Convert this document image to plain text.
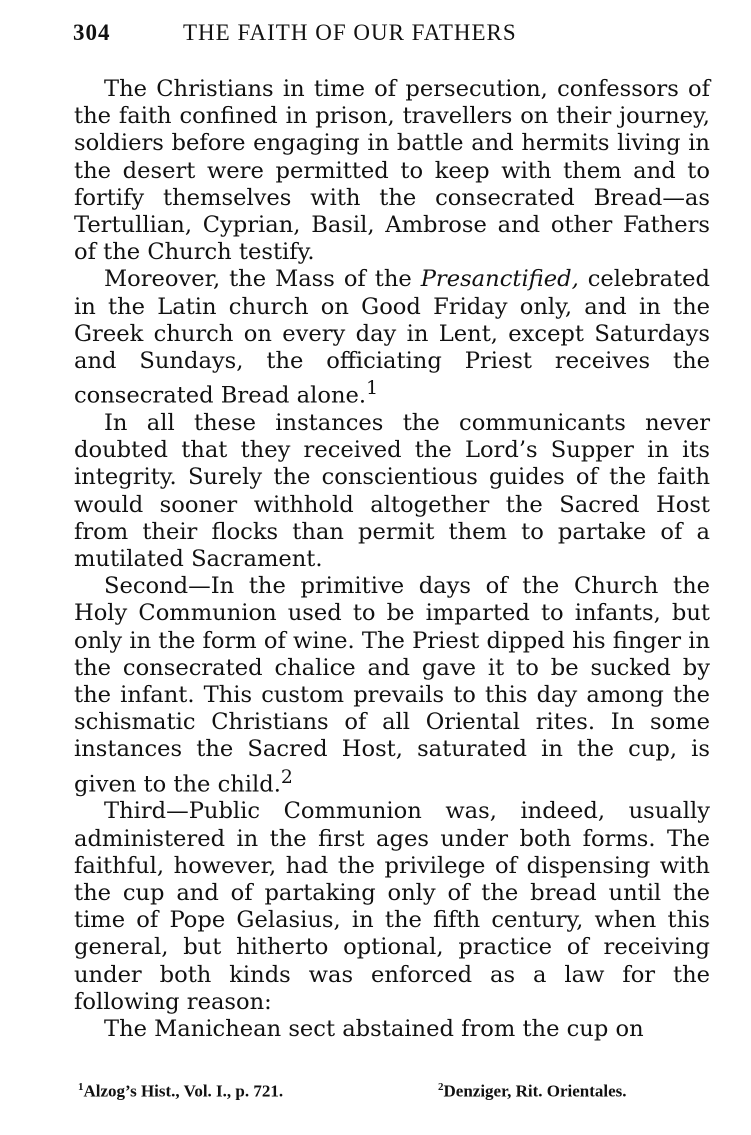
304	THE FAITH OF OUR FATHERS

The Christians in time of persecution, confessors of the faith confined in prison, travellers on their journey, soldiers before engaging in battle and hermits living in the desert were permitted to keep with them and to fortify themselves with the consecrated Bread—as Tertullian, Cyprian, Basil, Ambrose and other Fathers of the Church testify.

Moreover, the Mass of the Presanctified, celebrated in the Latin church on Good Friday only, and in the Greek church on every day in Lent, except Saturdays and Sundays, the officiating Priest receives the consecrated Bread alone.$^1$

In all these instances the communicants never doubted that they received the Lord’s Supper in its integrity. Surely the conscientious guides of the faith would sooner withhold altogether the Sacred Host from their flocks than permit them to partake of a mutilated Sacrament.

Second—In the primitive days of the Church the Holy Communion used to be imparted to infants, but only in the form of wine. The Priest dipped his finger in the consecrated chalice and gave it to be sucked by the infant. This custom prevails to this day among the schismatic Christians of all Oriental rites. In some instances the Sacred Host, saturated in the cup, is given to the child.$^2$

Third—Public Communion was, indeed, usually administered in the first ages under both forms. The faithful, however, had the privilege of dispensing with the cup and of partaking only of the bread until the time of Pope Gelasius, in the fifth century, when this general, but hitherto optional, practice of receiving under both kinds was enforced as a law for the following reason:

The Manichean sect abstained from the cup on

$^1$Alzog’s Hist., Vol. I., p. 721.	$^2$Denziger, Rit. Orientales.
